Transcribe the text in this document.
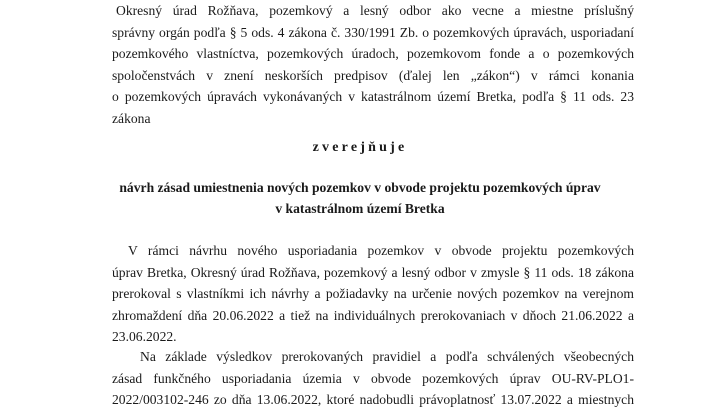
Okresný úrad Rožňava, pozemkový a lesný odbor ako vecne a miestne príslušný
správny orgán podľa § 5 ods. 4 zákona č. 330/1991 Zb. o pozemkových úpravách, usporiadaní
pozemkového vlastníctva, pozemkových úradoch, pozemkovom fonde a o pozemkových
spoločenstvách v znení neskorších predpisov (ďalej len „zákon“) v rámci konania
o pozemkových úpravách vykonávaných v katastrálnom území Bretka, podľa § 11 ods. 23
zákona

zverejňuje

návrh zásad umiestnenia nových pozemkov v obvode projektu pozemkových úprav
v katastrálnom území Bretka
V rámci návrhu nového usporiadania pozemkov v obvode projektu pozemkových
úprav Bretka, Okresný úrad Rožňava, pozemkový a lesný odbor v zmysle § 11 ods. 18 zákona
prerokoval s vlastníkmi ich návrhy a požiadavky na určenie nových pozemkov na verejnom
zhromaždení dňa 20.06.2022 a tiež na individuálnych prerokovaniach v dňoch 21.06.2022 a
23.06.2022.
Na základe výsledkov prerokovaných pravidiel a podľa schválených všeobecných
zásad funkčného usporiadania územia v obvode pozemkových úprav OU-RV-PLO1-
2022/003102-246 zo dňa 13.06.2022, ktoré nadobudli právoplatnosť 13.07.2022 a miestnych
